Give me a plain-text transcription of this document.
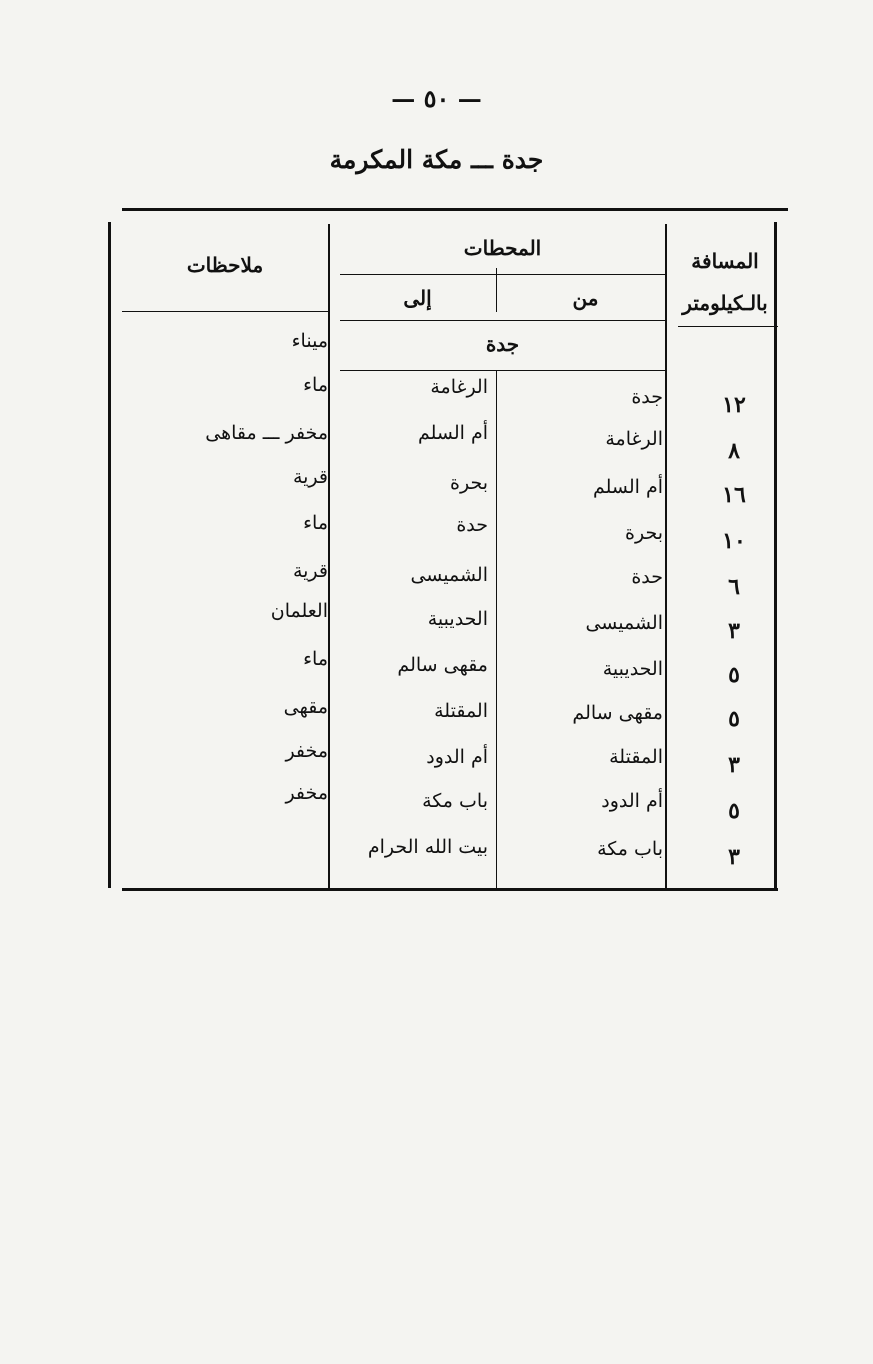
— ٥٠ —
جدة ـــ مكة المكرمة
المسافة
بالـكيلومتر
المحطات
من
إلى
ملاحظات
جدة
ميناء
١٢
جدة
الرغامة
ماء
٨
الرغامة
أم السلم
مخفر ـــ مقاهى
١٦
أم السلم
بحرة
قرية
١٠
بحرة
حدة
ماء
٦
حدة
الشميسى
قرية
٣
الشميسى
الحديبية
العلمان
٥
الحديبية
مقهى سالم
ماء
٥
مقهى سالم
المقتلة
مقهى
٣
المقتلة
أم الدود
مخفر
٥
أم الدود
باب مكة
مخفر
٣
باب مكة
بيت الله الحرام
